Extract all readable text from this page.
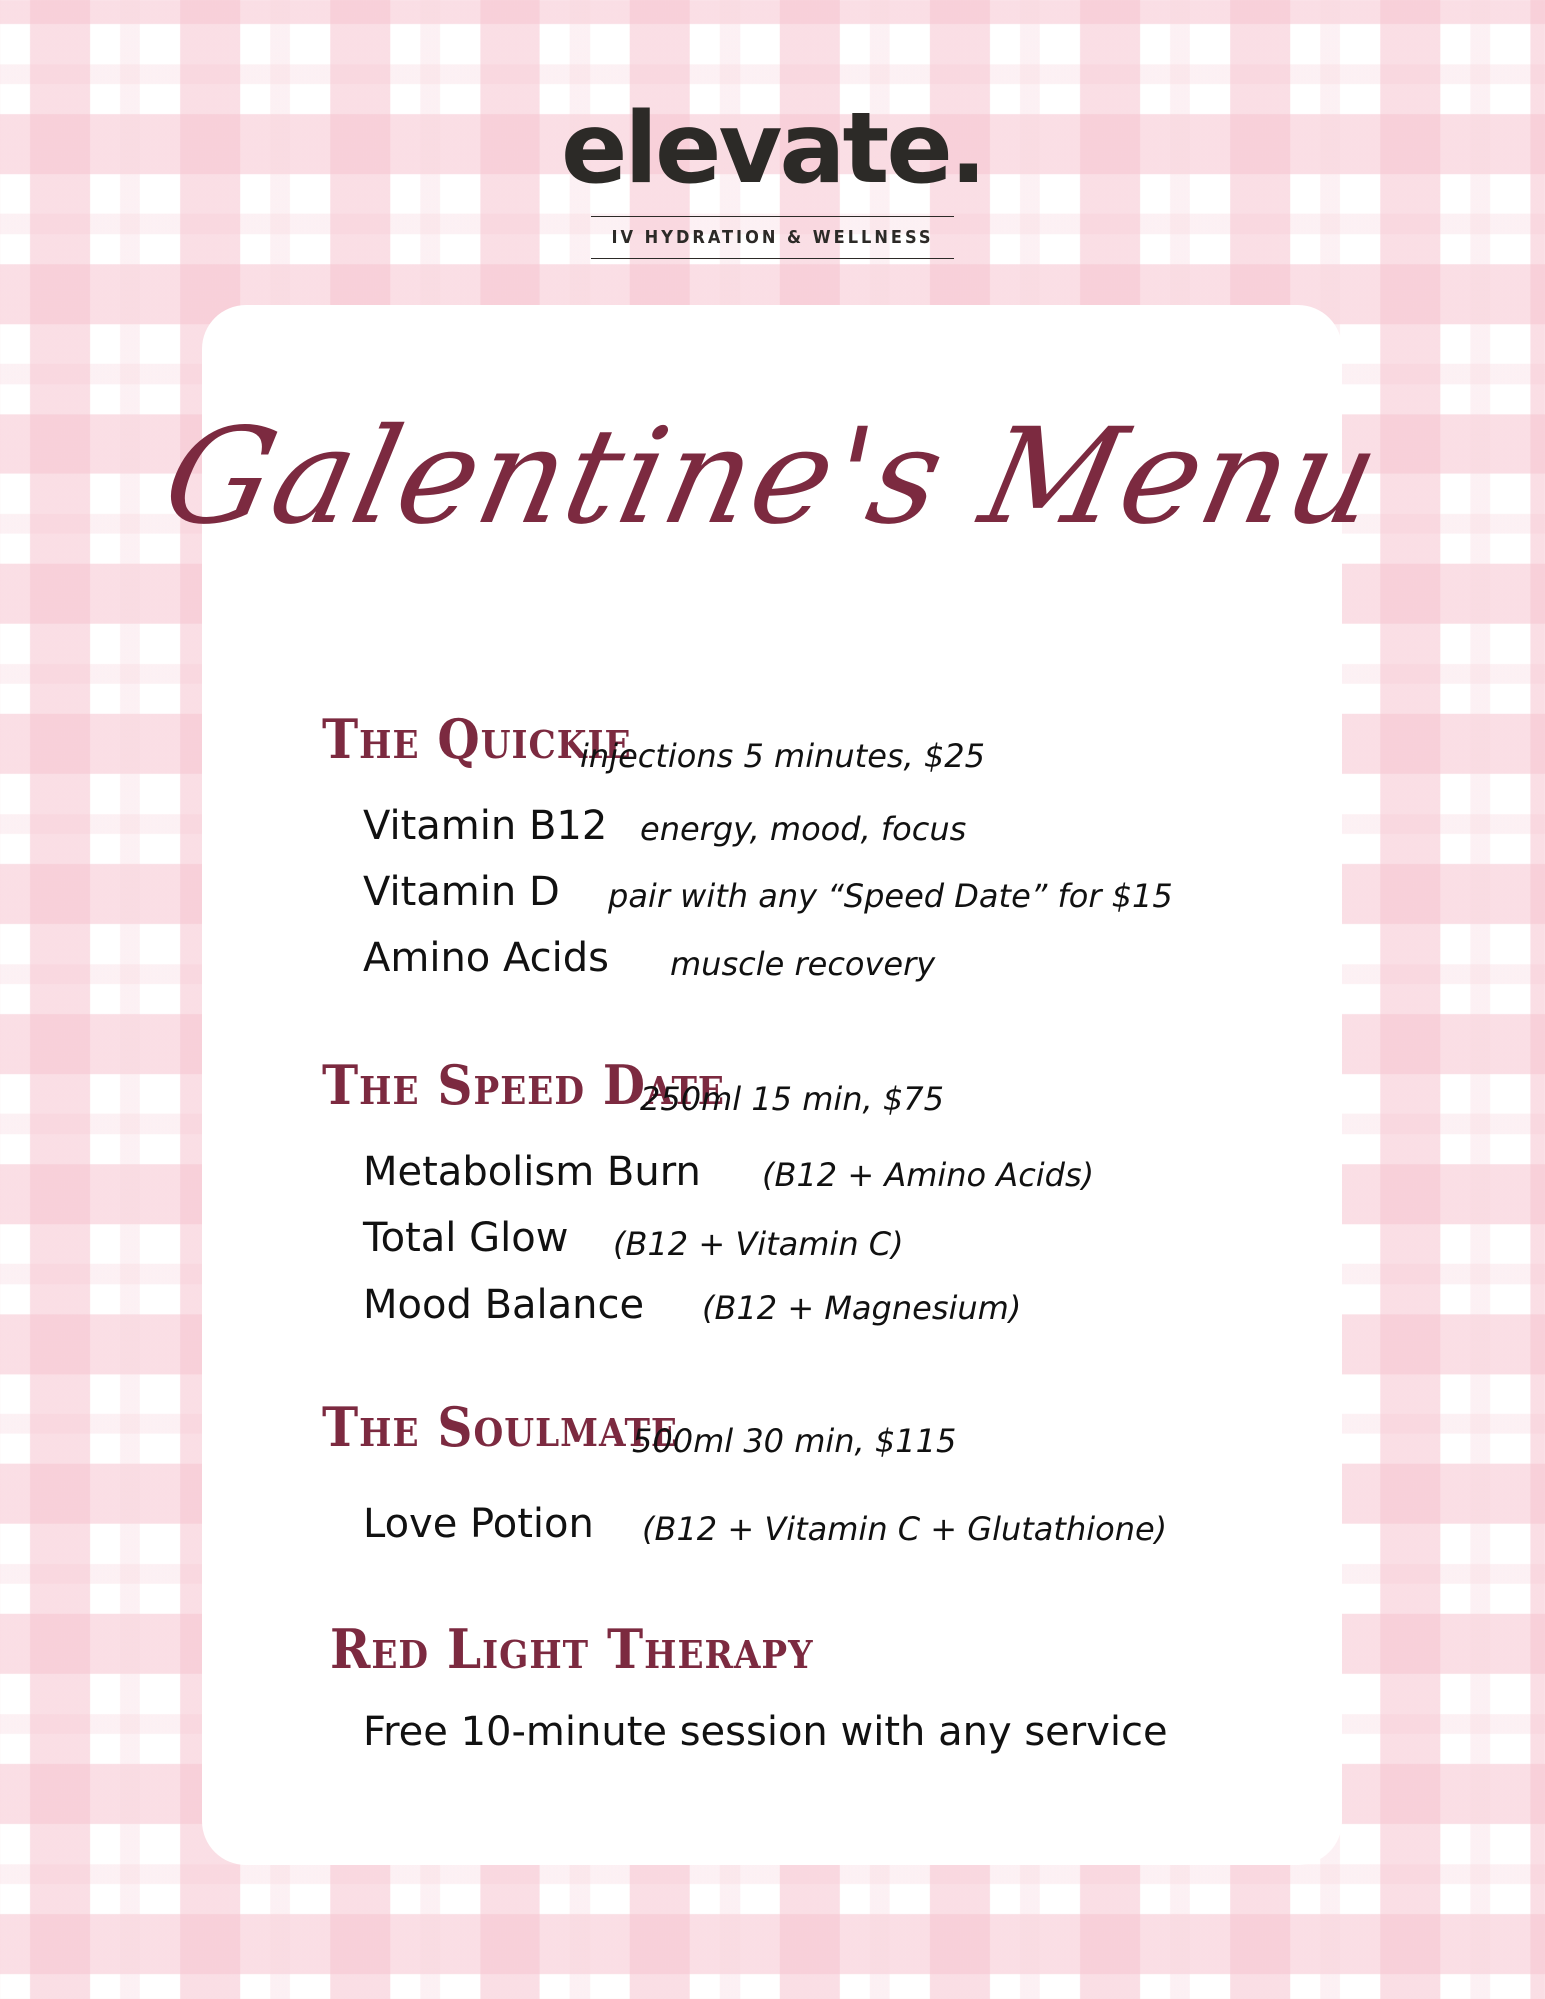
elevate.
IV HYDRATION & WELLNESS
Galentine's Menu
The Quickie
injections 5 minutes, $25
Vitamin B12 energy, mood, focus
Vitamin D pair with any “Speed Date” for $15
Amino Acids muscle recovery
The Speed Date
250ml 15 min, $75
Metabolism Burn (B12 + Amino Acids)
Total Glow (B12 + Vitamin C)
Mood Balance (B12 + Magnesium)
The Soulmate
500ml 30 min, $115
Love Potion (B12 + Vitamin C + Glutathione)
Red Light Therapy
Free 10-minute session with any service
